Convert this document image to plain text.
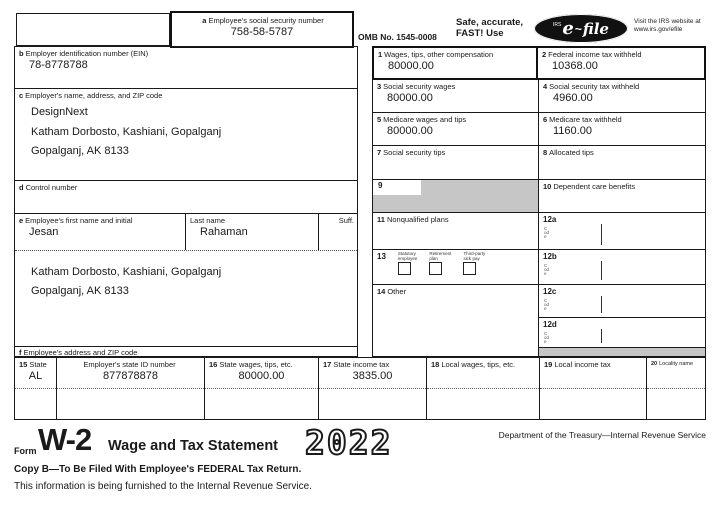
a Employee's social security number
758-58-5787	OMB No. 1545-0008
Safe, accurate,
FAST! Use
IRS e ~ file	Visit the IRS website at
www.irs.gov/efile
b Employer identification number (EIN)
78-8778788
c Employer's name, address, and ZIP code
DesignNext
Katham Dorbosto, Kashiani, Gopalganj
Gopalganj, AK 8133
d Control number
e Employee's first name and initial
Jesan
Last name
Rahaman
Suff.
Katham Dorbosto, Kashiani, Gopalganj
Gopalganj, AK 8133
f Employee's address and ZIP code
1 Wages, tips, other compensation
80000.00
2 Federal income tax withheld
10368.00
3 Social security wages
80000.00
4 Social security tax withheld
4960.00
5 Medicare wages and tips
80000.00
6 Medicare tax withheld
1160.00
7 Social security tips	8 Allocated tips
9	10 Dependent care benefits
11 Nonqualified plans	12a
Code
13	Statutory
employee
Retirement
plan
Third-party
sick pay	12b
Code
14 Other	12c
Code
12d
Code
15 State
AL
Employer's state ID number
877878878
16 State wages, tips, etc.
80000.00
17 State income tax
3835.00
18 Local wages, tips, etc.	19 Local income tax	20 Locality name
Form W-2 Wage and Tax Statement 2022	Department of the Treasury—Internal Revenue Service
Copy B—To Be Filed With Employee's FEDERAL Tax Return.
This information is being furnished to the Internal Revenue Service.
